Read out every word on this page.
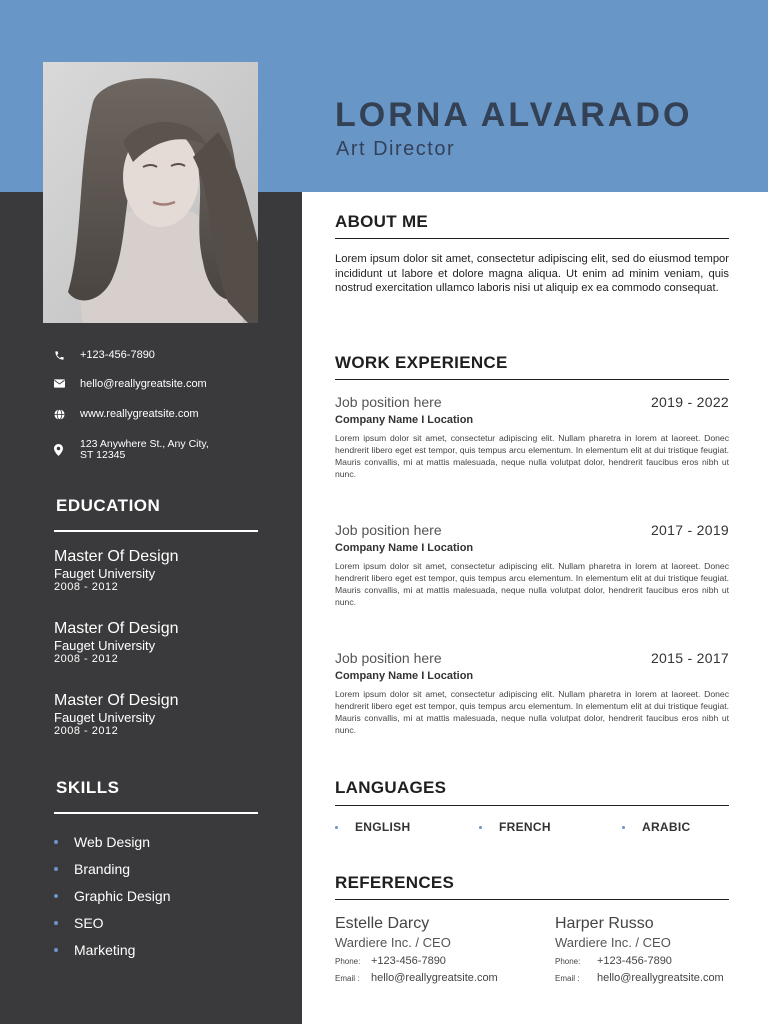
LORNA ALVARADO
Art Director
+123-456-7890
hello@reallygreatsite.com
www.reallygreatsite.com
123 Anywhere St., Any City,
ST 12345
EDUCATION
Master Of Design
Fauget University
2008 - 2012
Master Of Design
Fauget University
2008 - 2012
Master Of Design
Fauget University
2008 - 2012
SKILLS
Web Design
Branding
Graphic Design
SEO
Marketing
ABOUT ME
Lorem ipsum dolor sit amet, consectetur adipiscing elit, sed do eiusmod tempor incididunt ut labore et dolore magna aliqua. Ut enim ad minim veniam, quis nostrud exercitation ullamco laboris nisi ut aliquip ex ea commodo consequat.
WORK EXPERIENCE
Job position here	2019 - 2022
Company Name I Location
Lorem ipsum dolor sit amet, consectetur adipiscing elit. Nullam pharetra in lorem at laoreet. Donec hendrerit libero eget est tempor, quis tempus arcu elementum. In elementum elit at dui tristique feugiat. Mauris convallis, mi at mattis malesuada, neque nulla volutpat dolor, hendrerit faucibus eros nibh ut nunc.
Job position here	2017 - 2019
Company Name I Location
Lorem ipsum dolor sit amet, consectetur adipiscing elit. Nullam pharetra in lorem at laoreet. Donec hendrerit libero eget est tempor, quis tempus arcu elementum. In elementum elit at dui tristique feugiat. Mauris convallis, mi at mattis malesuada, neque nulla volutpat dolor, hendrerit faucibus eros nibh ut nunc.
Job position here	2015 - 2017
Company Name I Location
Lorem ipsum dolor sit amet, consectetur adipiscing elit. Nullam pharetra in lorem at laoreet. Donec hendrerit libero eget est tempor, quis tempus arcu elementum. In elementum elit at dui tristique feugiat. Mauris convallis, mi at mattis malesuada, neque nulla volutpat dolor, hendrerit faucibus eros nibh ut nunc.
LANGUAGES
ENGLISH	FRENCH	ARABIC
REFERENCES
Estelle Darcy
Wardiere Inc. / CEO
Phone: +123-456-7890
Email :	hello@reallygreatsite.com
Harper Russo
Wardiere Inc. / CEO
Phone:	+123-456-7890
Email :	hello@reallygreatsite.com
